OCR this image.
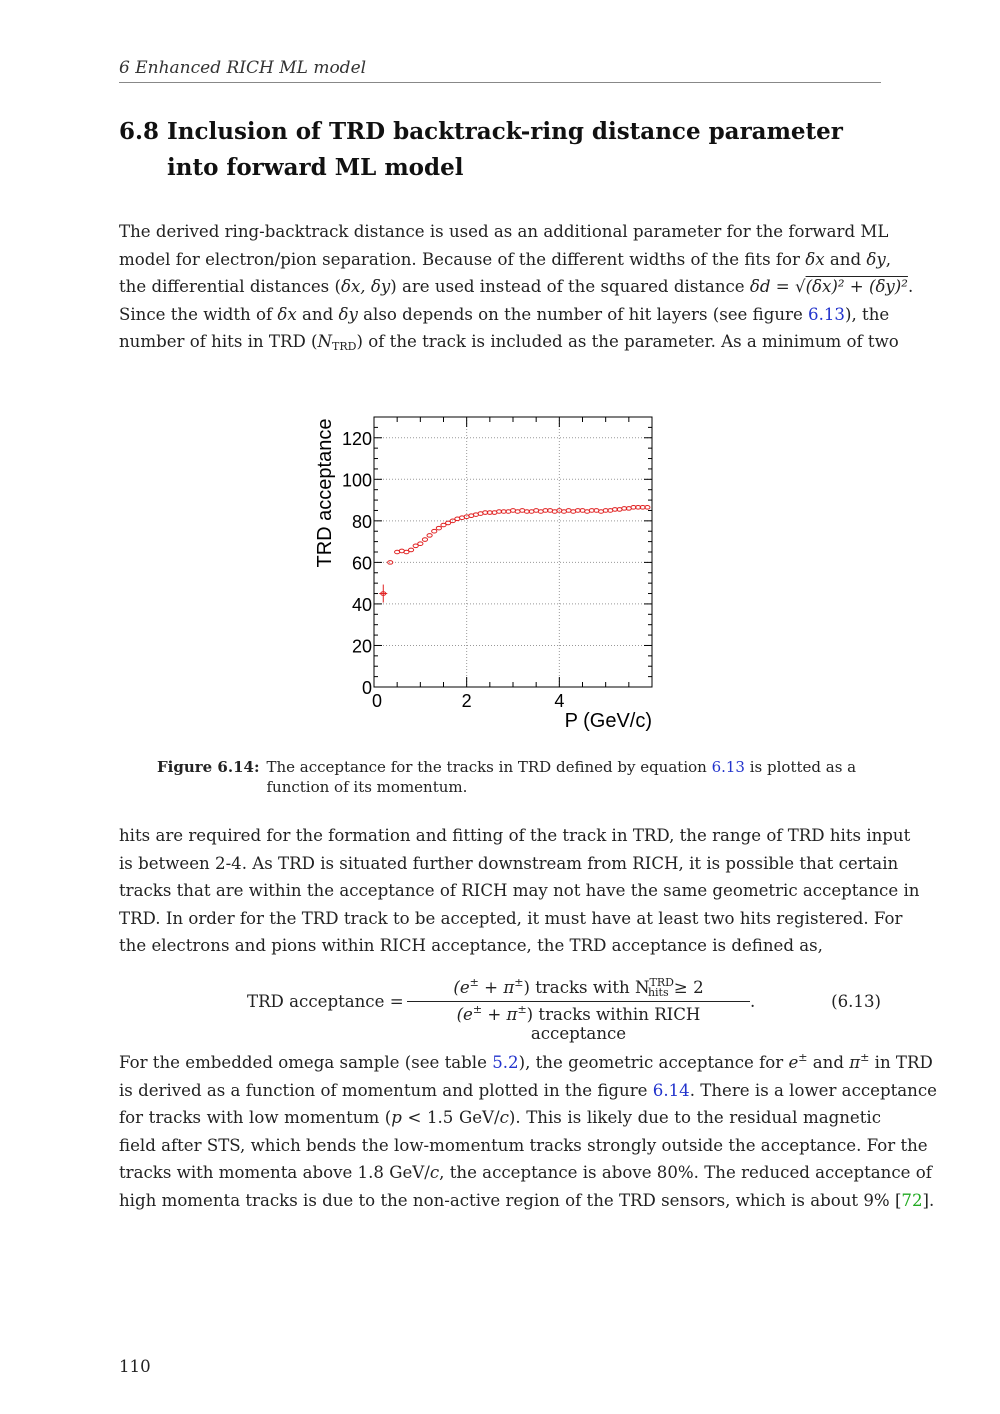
6 Enhanced RICH ML model
6.8 Inclusion of TRD backtrack-ring distance parameter into forward ML model

The derived ring-backtrack distance is used as an additional parameter for the forward ML
model for electron/pion separation. Because of the different widths of the fits for δx and δy,
the differential distances (δx, δy) are used instead of the squared distance δd = √(δx)² + (δy)².
Since the width of δx and δy also depends on the number of hit layers (see figure 6.13), the
number of hits in TRD $(N_{TRD})$ of the track is included as the parameter. As a minimum of two

0
20
40
60
80
100
120
0	2	4
TRD acceptance
P (GeV/c)
Figure 6.14: The acceptance for the tracks in TRD defined by equation 6.13 is plotted as a function of its momentum.

hits are required for the formation and fitting of the track in TRD, the range of TRD hits input
is between 2-4. As TRD is situated further downstream from RICH, it is possible that certain
tracks that are within the acceptance of RICH may not have the same geometric acceptance in
TRD. In order for the TRD track to be accepted, it must have at least two hits registered. For
the electrons and pions within RICH acceptance, the TRD acceptance is defined as,

TRD acceptance =
(e± + π±) tracks with $N^{TRD}_{hits} \ge 2$
(e± + π±) tracks within RICH acceptance
.	(6.13)

For the embedded omega sample (see table 5.2), the geometric acceptance for e± and π± in TRD
is derived as a function of momentum and plotted in the figure 6.14. There is a lower acceptance
for tracks with low momentum (p < 1.5 GeV/c). This is likely due to the residual magnetic
field after STS, which bends the low-momentum tracks strongly outside the acceptance. For the
tracks with momenta above 1.8 GeV/c, the acceptance is above 80%. The reduced acceptance of
high momenta tracks is due to the non-active region of the TRD sensors, which is about 9% [72].

110
